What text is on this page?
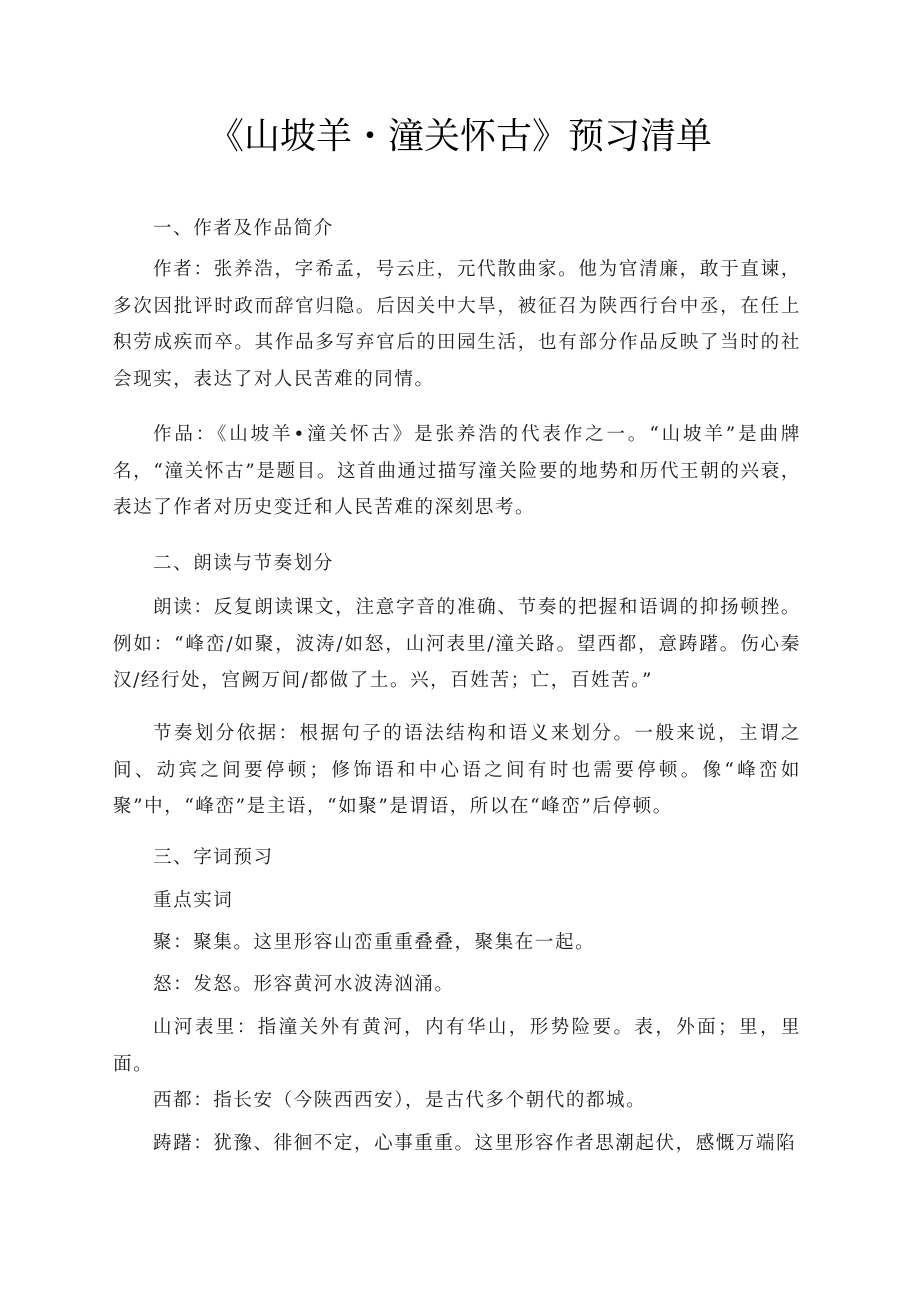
《山坡羊・潼关怀古》预习清单
一、作者及作品简介
作者：张养浩，字希孟，号云庄，元代散曲家。他为官清廉，敢于直谏，多次因批评时政而辞官归隐。后因关中大旱，被征召为陕西行台中丞，在任上积劳成疾而卒。其作品多写弃官后的田园生活，也有部分作品反映了当时的社会现实，表达了对人民苦难的同情。
作品：《山坡羊•潼关怀古》是张养浩的代表作之一。“山坡羊”是曲牌名，“潼关怀古”是题目。这首曲通过描写潼关险要的地势和历代王朝的兴衰，表达了作者对历史变迁和人民苦难的深刻思考。
二、朗读与节奏划分
朗读：反复朗读课文，注意字音的准确、节奏的把握和语调的抑扬顿挫。例如：“峰峦/如聚，波涛/如怒，山河表里/潼关路。望西都，意踌躇。伤心秦汉/经行处，宫阙万间/都做了土。兴，百姓苦；亡，百姓苦。”
节奏划分依据：根据句子的语法结构和语义来划分。一般来说，主谓之间、动宾之间要停顿；修饰语和中心语之间有时也需要停顿。像“峰峦如聚”中，“峰峦”是主语，“如聚”是谓语，所以在“峰峦”后停顿。
三、字词预习
重点实词
聚：聚集。这里形容山峦重重叠叠，聚集在一起。
怒：发怒。形容黄河水波涛汹涌。
山河表里：指潼关外有黄河，内有华山，形势险要。表，外面；里，里面。
西都：指长安（今陕西西安），是古代多个朝代的都城。
踌躇：犹豫、徘徊不定，心事重重。这里形容作者思潮起伏，感慨万端陷
